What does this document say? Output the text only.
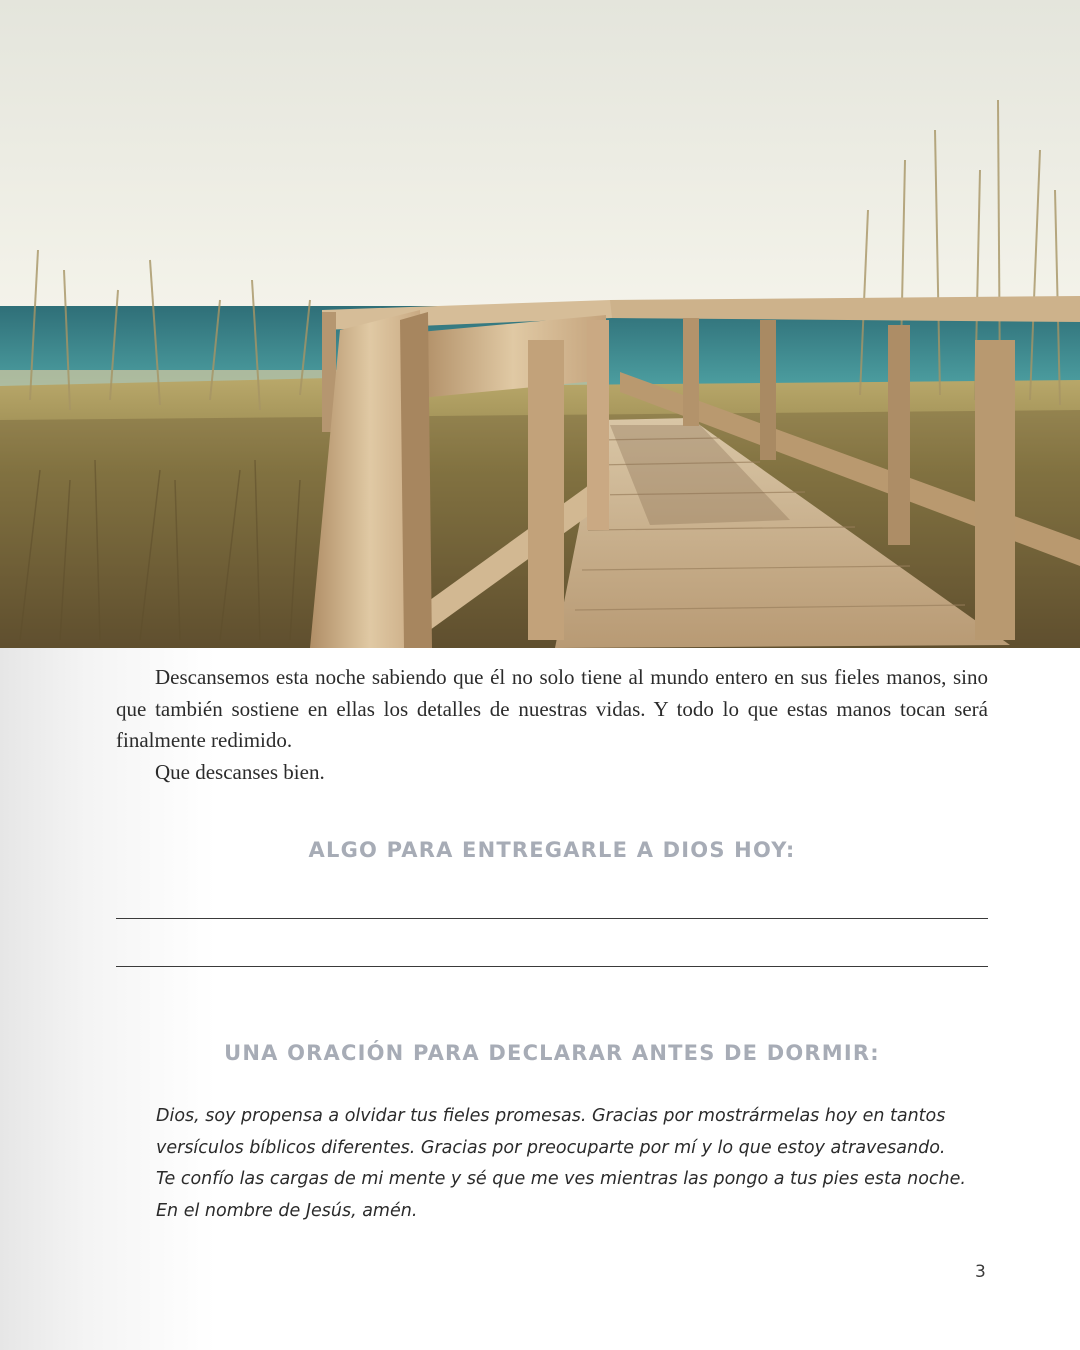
Descansemos esta noche sabiendo que él no solo tiene al mundo entero en sus fieles manos, sino que también sostiene en ellas los detalles de nuestras vidas. Y todo lo que estas manos tocan será finalmente redimido.

Que descanses bien.

ALGO PARA ENTREGARLE A DIOS HOY:
UNA ORACIÓN PARA DECLARAR ANTES DE DORMIR:
Dios, soy propensa a olvidar tus fieles promesas. Gracias por mostrármelas hoy en tantos
versículos bíblicos diferentes. Gracias por preocuparte por mí y lo que estoy atravesando.
Te confío las cargas de mi mente y sé que me ves mientras las pongo a tus pies esta noche.
En el nombre de Jesús, amén.
3
